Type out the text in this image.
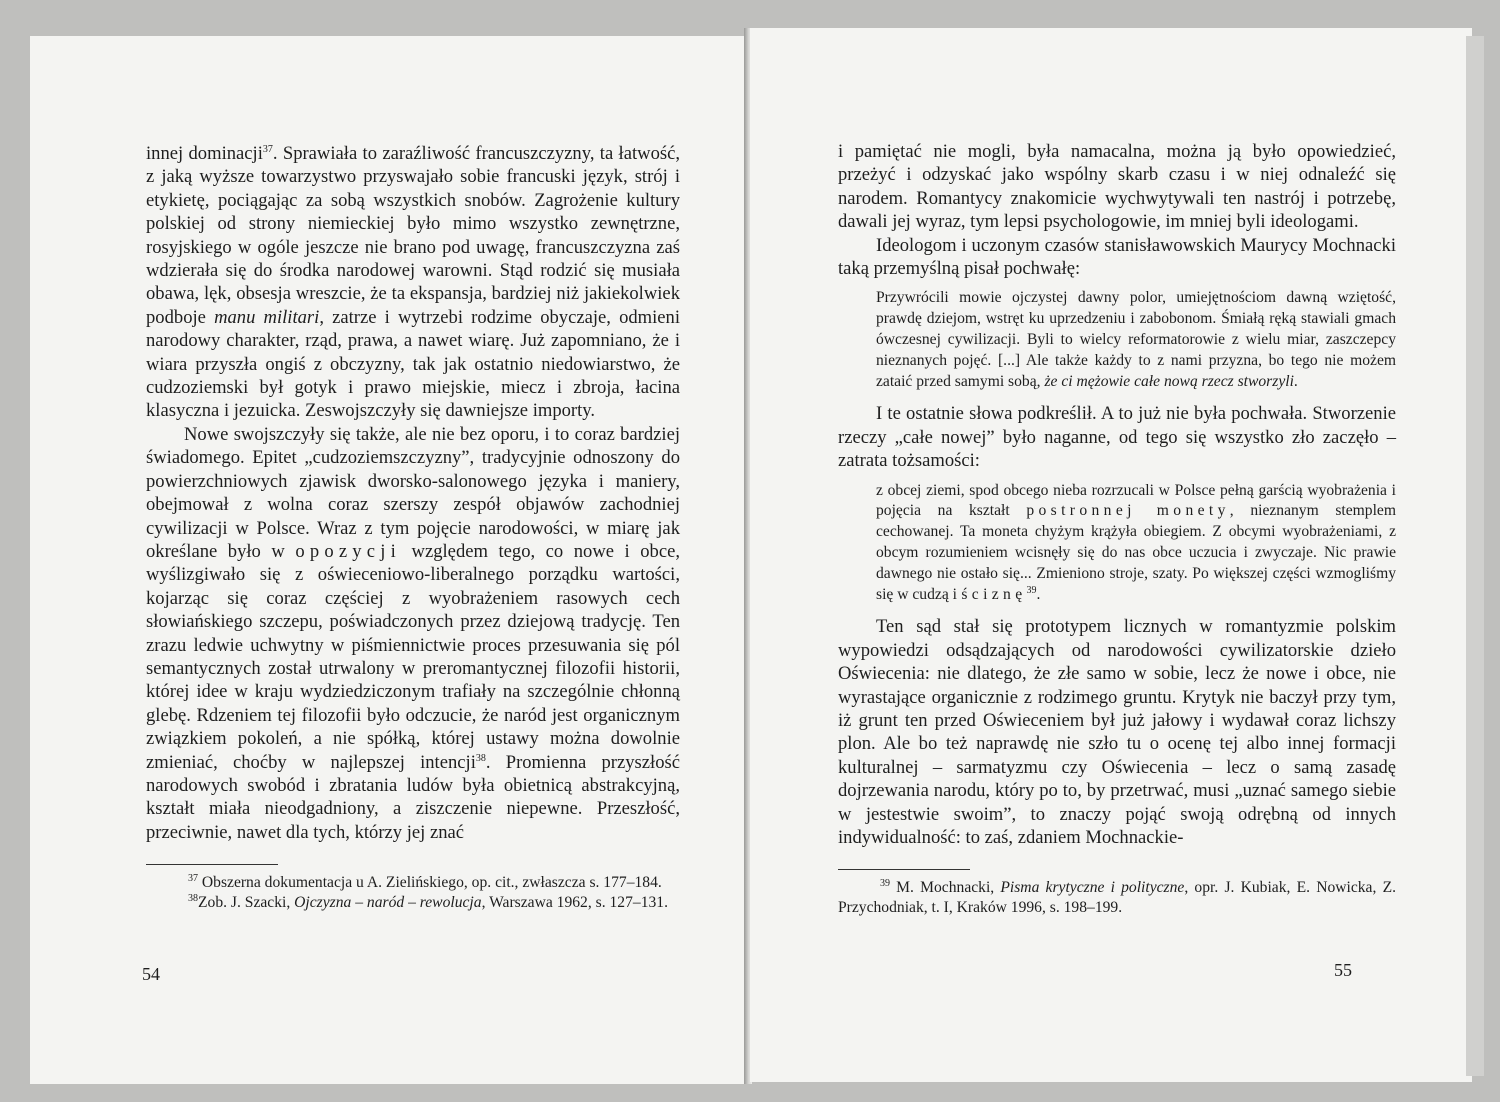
innej dominacji$^{37}$. Sprawiała to zaraźliwość francuszczyzny, ta łatwość, z jaką wyższe towarzystwo przyswajało sobie francuski język, strój i etykietę, pociągając za sobą wszystkich snobów. Zagrożenie kultury polskiej od strony niemieckiej było mimo wszystko zewnętrzne, rosyjskiego w ogóle jeszcze nie brano pod uwagę, francuszczyzna zaś wdzierała się do środka narodowej warowni. Stąd rodzić się musiała obawa, lęk, obsesja wreszcie, że ta ekspansja, bardziej niż jakiekolwiek podboje manu militari, zatrze i wytrzebi rodzime obyczaje, odmieni narodowy charakter, rząd, prawa, a nawet wiarę. Już zapomniano, że i wiara przyszła ongiś z obczyzny, tak jak ostatnio niedowiarstwo, że cudzoziemski był gotyk i prawo miejskie, miecz i zbroja, łacina klasyczna i jezuicka. Zeswojszczyły się dawniejsze importy.

Nowe swojszczyły się także, ale nie bez oporu, i to coraz bardziej świadomego. Epitet „cudzoziemszczyzny”, tradycyjnie odnoszony do powierzchniowych zjawisk dworsko-salonowego języka i maniery, obejmował z wolna coraz szerszy zespół objawów zachodniej cywilizacji w Polsce. Wraz z tym pojęcie narodowości, w miarę jak określane było w opozycji względem tego, co nowe i obce, wyślizgiwało się z oświeceniowo-liberalnego porządku wartości, kojarząc się coraz częściej z wyobrażeniem rasowych cech słowiańskiego szczepu, poświadczonych przez dziejową tradycję. Ten zrazu ledwie uchwytny w piśmiennictwie proces przesuwania się pól semantycznych został utrwalony w preromantycznej filozofii historii, której idee w kraju wydziedziczonym trafiały na szczególnie chłonną glebę. Rdzeniem tej filozofii było odczucie, że naród jest organicznym związkiem pokoleń, a nie spółką, której ustawy można dowolnie zmieniać, choćby w najlepszej intencji$^{38}$. Promienna przyszłość narodowych swobód i zbratania ludów była obietnicą abstrakcyjną, kształt miała nieodgadniony, a ziszczenie niepewne. Przeszłość, przeciwnie, nawet dla tych, którzy jej znać

$^{37}$ Obszerna dokumentacja u A. Zielińskiego, op. cit., zwłaszcza s. 177–184.

$^{38}$Zob. J. Szacki, Ojczyzna – naród – rewolucja, Warszawa 1962, s. 127–131.

54

i pamiętać nie mogli, była namacalna, można ją było opowiedzieć, przeżyć i odzyskać jako wspólny skarb czasu i w niej odnaleźć się narodem. Romantycy znakomicie wychwytywali ten nastrój i potrzebę, dawali jej wyraz, tym lepsi psychologowie, im mniej byli ideologami.

Ideologom i uczonym czasów stanisławowskich Maurycy Mochnacki taką przemyślną pisał pochwałę:

Przywrócili mowie ojczystej dawny polor, umiejętnościom dawną wziętość, prawdę dziejom, wstręt ku uprzedzeniu i zabobonom. Śmiałą ręką stawiali gmach ówczesnej cywilizacji. Byli to wielcy reformatorowie z wielu miar, zaszczepcy nieznanych pojęć. [...] Ale także każdy to z nami przyzna, bo tego nie możem zataić przed samymi sobą, że ci mężowie całe nową rzecz stworzyli.

I te ostatnie słowa podkreślił. A to już nie była pochwała. Stworzenie rzeczy „całe nowej” było naganne, od tego się wszystko zło zaczęło – zatrata tożsamości:

z obcej ziemi, spod obcego nieba rozrzucali w Polsce pełną garścią wyobrażenia i pojęcia na kształt postronnej monety, nieznanym stemplem cechowanej. Ta moneta chyżym krążyła obiegiem. Z obcymi wyobrażeniami, z obcym rozumieniem wcisnęły się do nas obce uczucia i zwyczaje. Nic prawie dawnego nie ostało się... Zmieniono stroje, szaty. Po większej części wzmogliśmy się w cudzą iściznę$^{39}$.

Ten sąd stał się prototypem licznych w romantyzmie polskim wypowiedzi odsądzających od narodowości cywilizatorskie dzieło Oświecenia: nie dlatego, że złe samo w sobie, lecz że nowe i obce, nie wyrastające organicznie z rodzimego gruntu. Krytyk nie baczył przy tym, iż grunt ten przed Oświeceniem był już jałowy i wydawał coraz lichszy plon. Ale bo też naprawdę nie szło tu o ocenę tej albo innej formacji kulturalnej – sarmatyzmu czy Oświecenia – lecz o samą zasadę dojrzewania narodu, który po to, by przetrwać, musi „uznać samego siebie w jestestwie swoim”, to znaczy pojąć swoją odrębną od innych indywidualność: to zaś, zdaniem Mochnackie-

$^{39}$ M. Mochnacki, Pisma krytyczne i polityczne, opr. J. Kubiak, E. Nowicka, Z. Przychodniak, t. I, Kraków 1996, s. 198–199.

55
